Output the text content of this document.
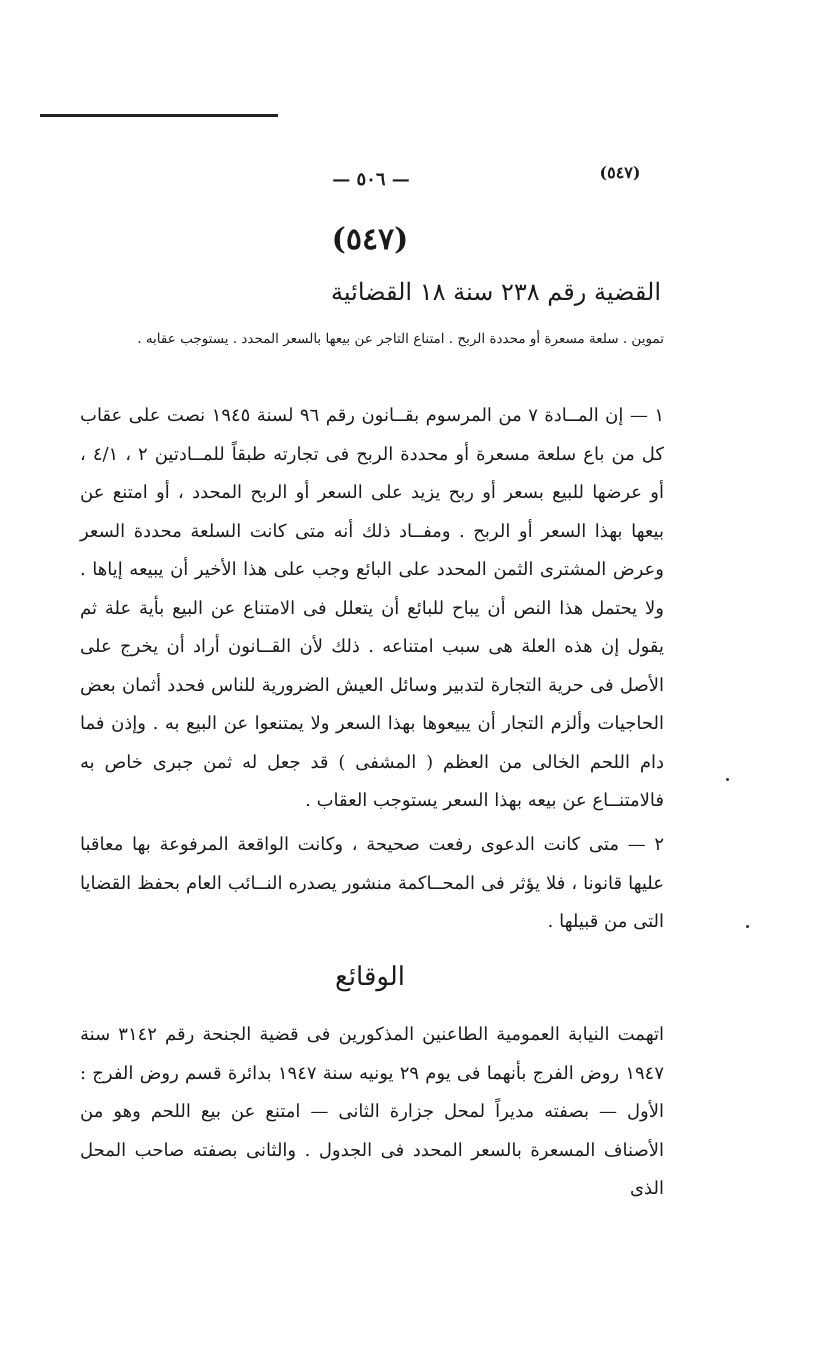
— ٥٠٦ —	(٥٤٧)
(٥٤٧)
القضية رقم ٢٣٨ سنة ١٨ القضائية
تموين . سلعة مسعرة أو محددة الربح . امتناع التاجر عن بيعها بالسعر المحدد . يستوجب عقابه .
١ — إن المــادة ٧ من المرسوم بقــانون رقم ٩٦ لسنة ١٩٤٥ نصت على عقاب كل من باع سلعة مسعرة أو محددة الربح فى تجارته طبقاً للمــادتين ٢ ، ٤/١ ، أو عرضها للبيع بسعر أو ربح يزيد على السعر أو الربح المحدد ، أو امتنع عن بيعها بهذا السعر أو الربح . ومفــاد ذلك أنه متى كانت السلعة محددة السعر وعرض المشترى الثمن المحدد على البائع وجب على هذا الأخير أن يبيعه إياها . ولا يحتمل هذا النص أن يباح للبائع أن يتعلل فى الامتناع عن البيع بأية علة ثم يقول إن هذه العلة هى سبب امتناعه . ذلك لأن القــانون أراد أن يخرج على الأصل فى حرية التجارة لتدبير وسائل العيش الضرورية للناس فحدد أثمان بعض الحاجيات وألزم التجار أن يبيعوها بهذا السعر ولا يمتنعوا عن البيع به . وإذن فما دام اللحم الخالى من العظم ( المشفى ) قد جعل له ثمن جبرى خاص به فالامتنــاع عن بيعه بهذا السعر يستوجب العقاب .
٢ — متى كانت الدعوى رفعت صحيحة ، وكانت الواقعة المرفوعة بها معاقبا عليها قانونا ، فلا يؤثر فى المحــاكمة منشور يصدره النــائب العام بحفظ القضايا التى من قبيلها .
الوقائع
اتهمت النيابة العمومية الطاعنين المذكورين فى قضية الجنحة رقم ٣١٤٢ سنة ١٩٤٧ روض الفرج بأنهما فى يوم ٢٩ يونيه سنة ١٩٤٧ بدائرة قسم روض الفرج : الأول — بصفته مديراً لمحل جزارة الثانى — امتنع عن بيع اللحم وهو من الأصناف المسعرة بالسعر المحدد فى الجدول . والثانى بصفته صاحب المحل الذى
